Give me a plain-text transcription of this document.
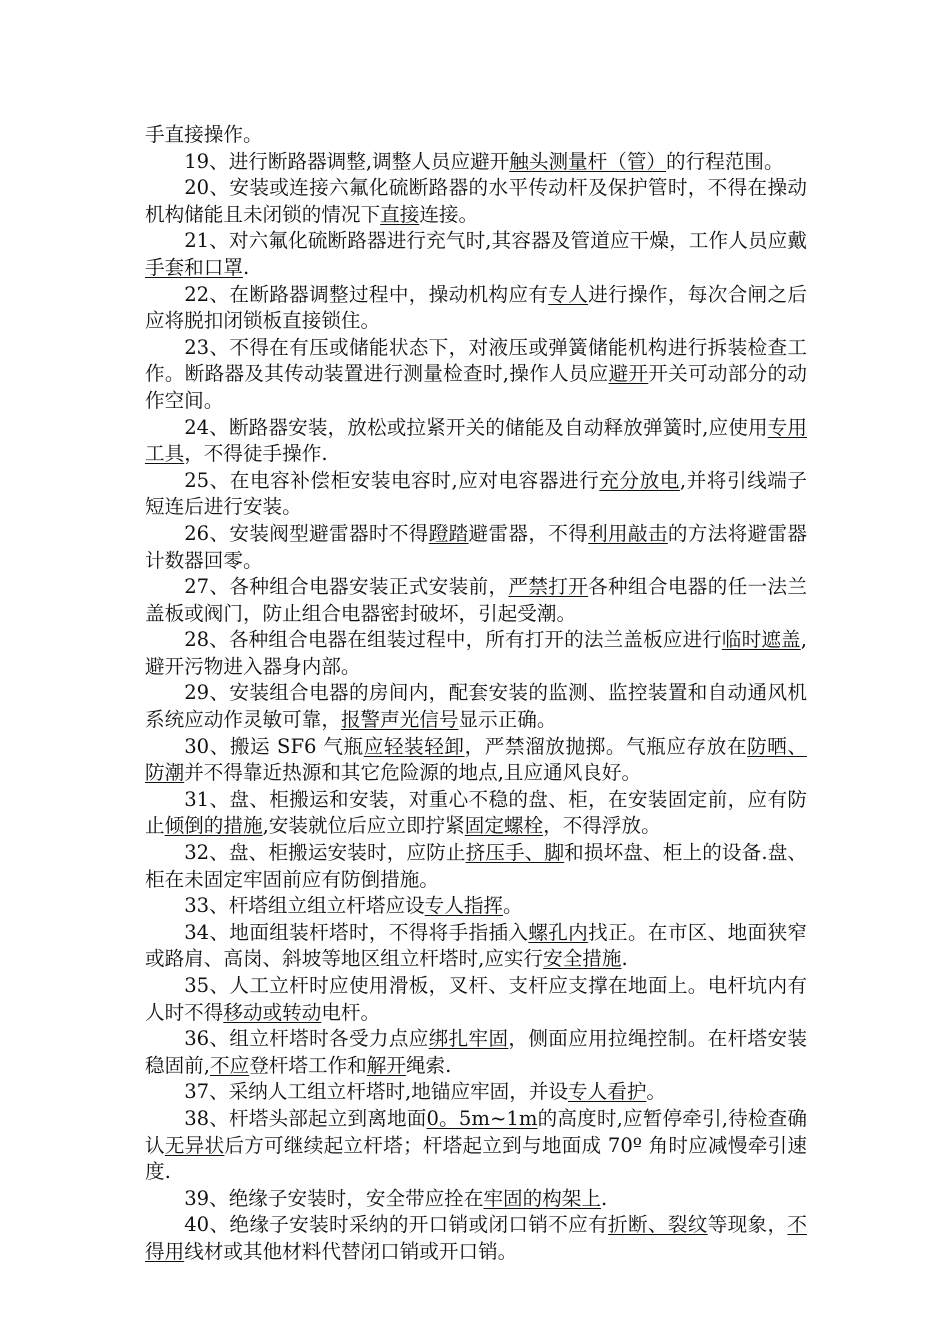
手直接操作。

19、进行断路器调整,调整人员应避开触头测量杆（管）的行程范围。

20、安装或连接六氟化硫断路器的水平传动杆及保护管时，不得在操动机构储能且未闭锁的情况下直接连接。

21、对六氟化硫断路器进行充气时,其容器及管道应干燥，工作人员应戴手套和口罩.

22、在断路器调整过程中，操动机构应有专人进行操作，每次合闸之后应将脱扣闭锁板直接锁住。

23、不得在有压或储能状态下，对液压或弹簧储能机构进行拆装检查工作。断路器及其传动装置进行测量检查时,操作人员应避开开关可动部分的动作空间。

24、断路器安装，放松或拉紧开关的储能及自动释放弹簧时,应使用专用工具，不得徒手操作.

25、在电容补偿柜安装电容时,应对电容器进行充分放电,并将引线端子短连后进行安装。

26、安装阀型避雷器时不得蹬踏避雷器，不得利用敲击的方法将避雷器计数器回零。

27、各种组合电器安装正式安装前，严禁打开各种组合电器的任一法兰盖板或阀门，防止组合电器密封破坏，引起受潮。

28、各种组合电器在组装过程中，所有打开的法兰盖板应进行临时遮盖,避开污物进入器身内部。

29、安装组合电器的房间内，配套安装的监测、监控装置和自动通风机系统应动作灵敏可靠，报警声光信号显示正确。

30、搬运 SF6 气瓶应轻装轻卸，严禁溜放抛掷。气瓶应存放在防晒、防潮并不得靠近热源和其它危险源的地点,且应通风良好。

31、盘、柜搬运和安装，对重心不稳的盘、柜，在安装固定前，应有防止倾倒的措施,安装就位后应立即拧紧固定螺栓，不得浮放。

32、盘、柜搬运安装时，应防止挤压手、脚和损坏盘、柜上的设备.盘、柜在未固定牢固前应有防倒措施。

33、杆塔组立组立杆塔应设专人指挥。

34、地面组装杆塔时，不得将手指插入螺孔内找正。在市区、地面狭窄或路肩、高岗、斜坡等地区组立杆塔时,应实行安全措施.

35、人工立杆时应使用滑板，叉杆、支杆应支撑在地面上。电杆坑内有人时不得移动或转动电杆。

36、组立杆塔时各受力点应绑扎牢固，侧面应用拉绳控制。在杆塔安装稳固前,不应登杆塔工作和解开绳索.

37、采纳人工组立杆塔时,地锚应牢固，并设专人看护。

38、杆塔头部起立到离地面0。5m~1m的高度时,应暂停牵引,待检查确认无异状后方可继续起立杆塔；杆塔起立到与地面成 70º 角时应减慢牵引速度.

39、绝缘子安装时，安全带应拴在牢固的构架上.

40、绝缘子安装时采纳的开口销或闭口销不应有折断、裂纹等现象，不得用线材或其他材料代替闭口销或开口销。
